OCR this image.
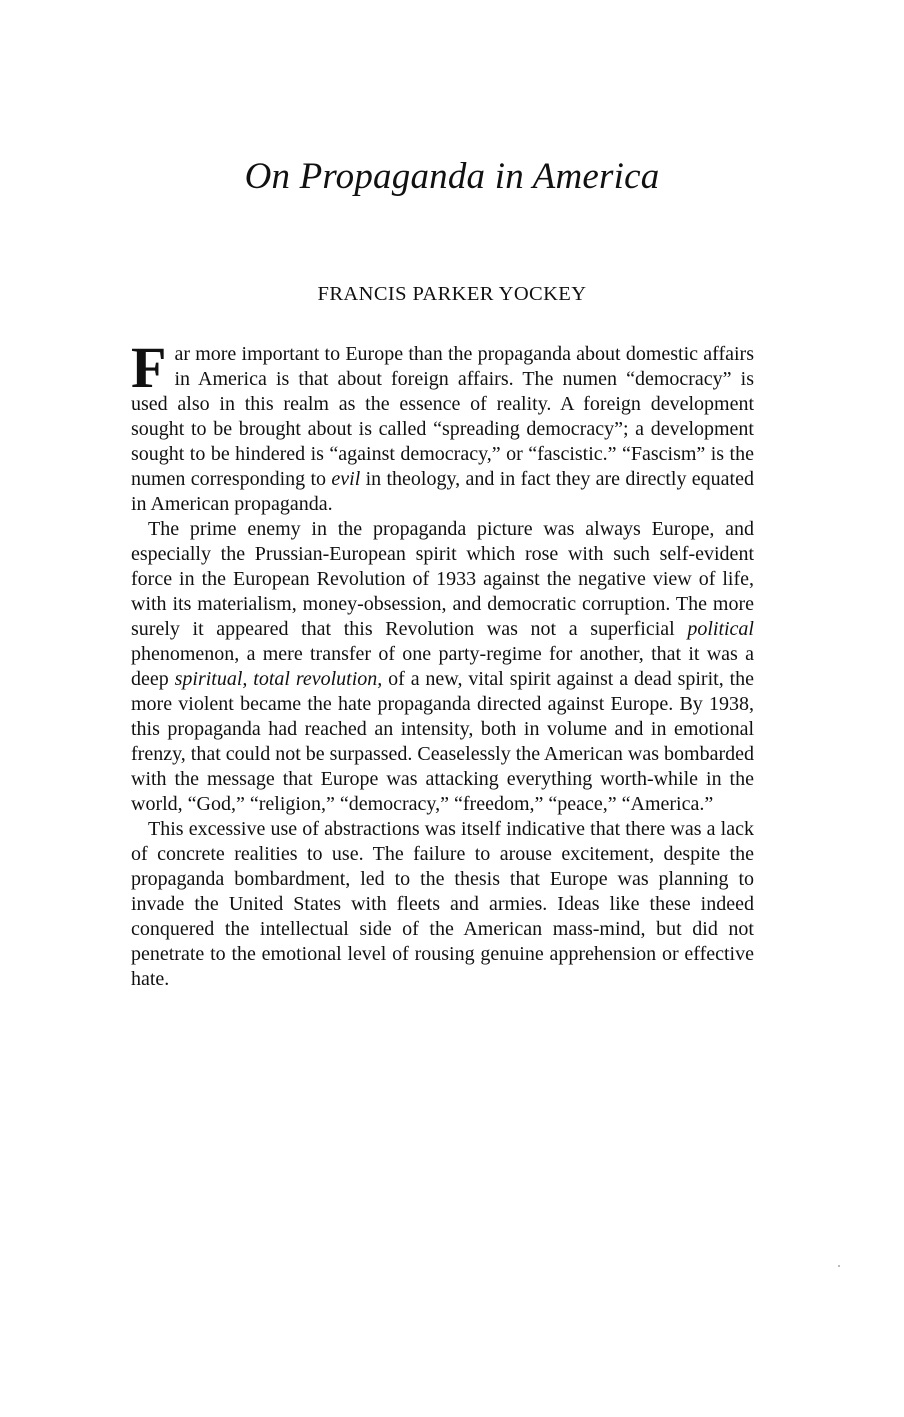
On Propaganda in America
FRANCIS PARKER YOCKEY

Far more important to Europe than the propaganda about domestic affairs in America is that about foreign affairs. The numen “democracy” is used also in this realm as the essence of reality. A foreign development sought to be brought about is called “spreading democracy”; a development sought to be hindered is “against democracy,” or “fascistic.” “Fascism” is the numen corresponding to evil in theology, and in fact they are directly equated in American propaganda.

The prime enemy in the propaganda picture was always Europe, and especially the Prussian-European spirit which rose with such self-evident force in the European Revolution of 1933 against the negative view of life, with its materialism, money-obsession, and democratic corruption. The more surely it appeared that this Revolution was not a superficial political phenomenon, a mere transfer of one party-regime for another, that it was a deep spiritual, total revolution, of a new, vital spirit against a dead spirit, the more violent became the hate propaganda directed against Europe. By 1938, this propaganda had reached an intensity, both in volume and in emotional frenzy, that could not be surpassed. Ceaselessly the American was bombarded with the message that Europe was attacking everything worth-while in the world, “God,” “religion,” “democracy,” “freedom,” “peace,” “America.”

This excessive use of abstractions was itself indicative that there was a lack of concrete realities to use. The failure to arouse excitement, despite the propaganda bombardment, led to the thesis that Europe was planning to invade the United States with fleets and armies. Ideas like these indeed conquered the intellectual side of the American mass-mind, but did not penetrate to the emotional level of rousing genuine apprehension or effective hate.
